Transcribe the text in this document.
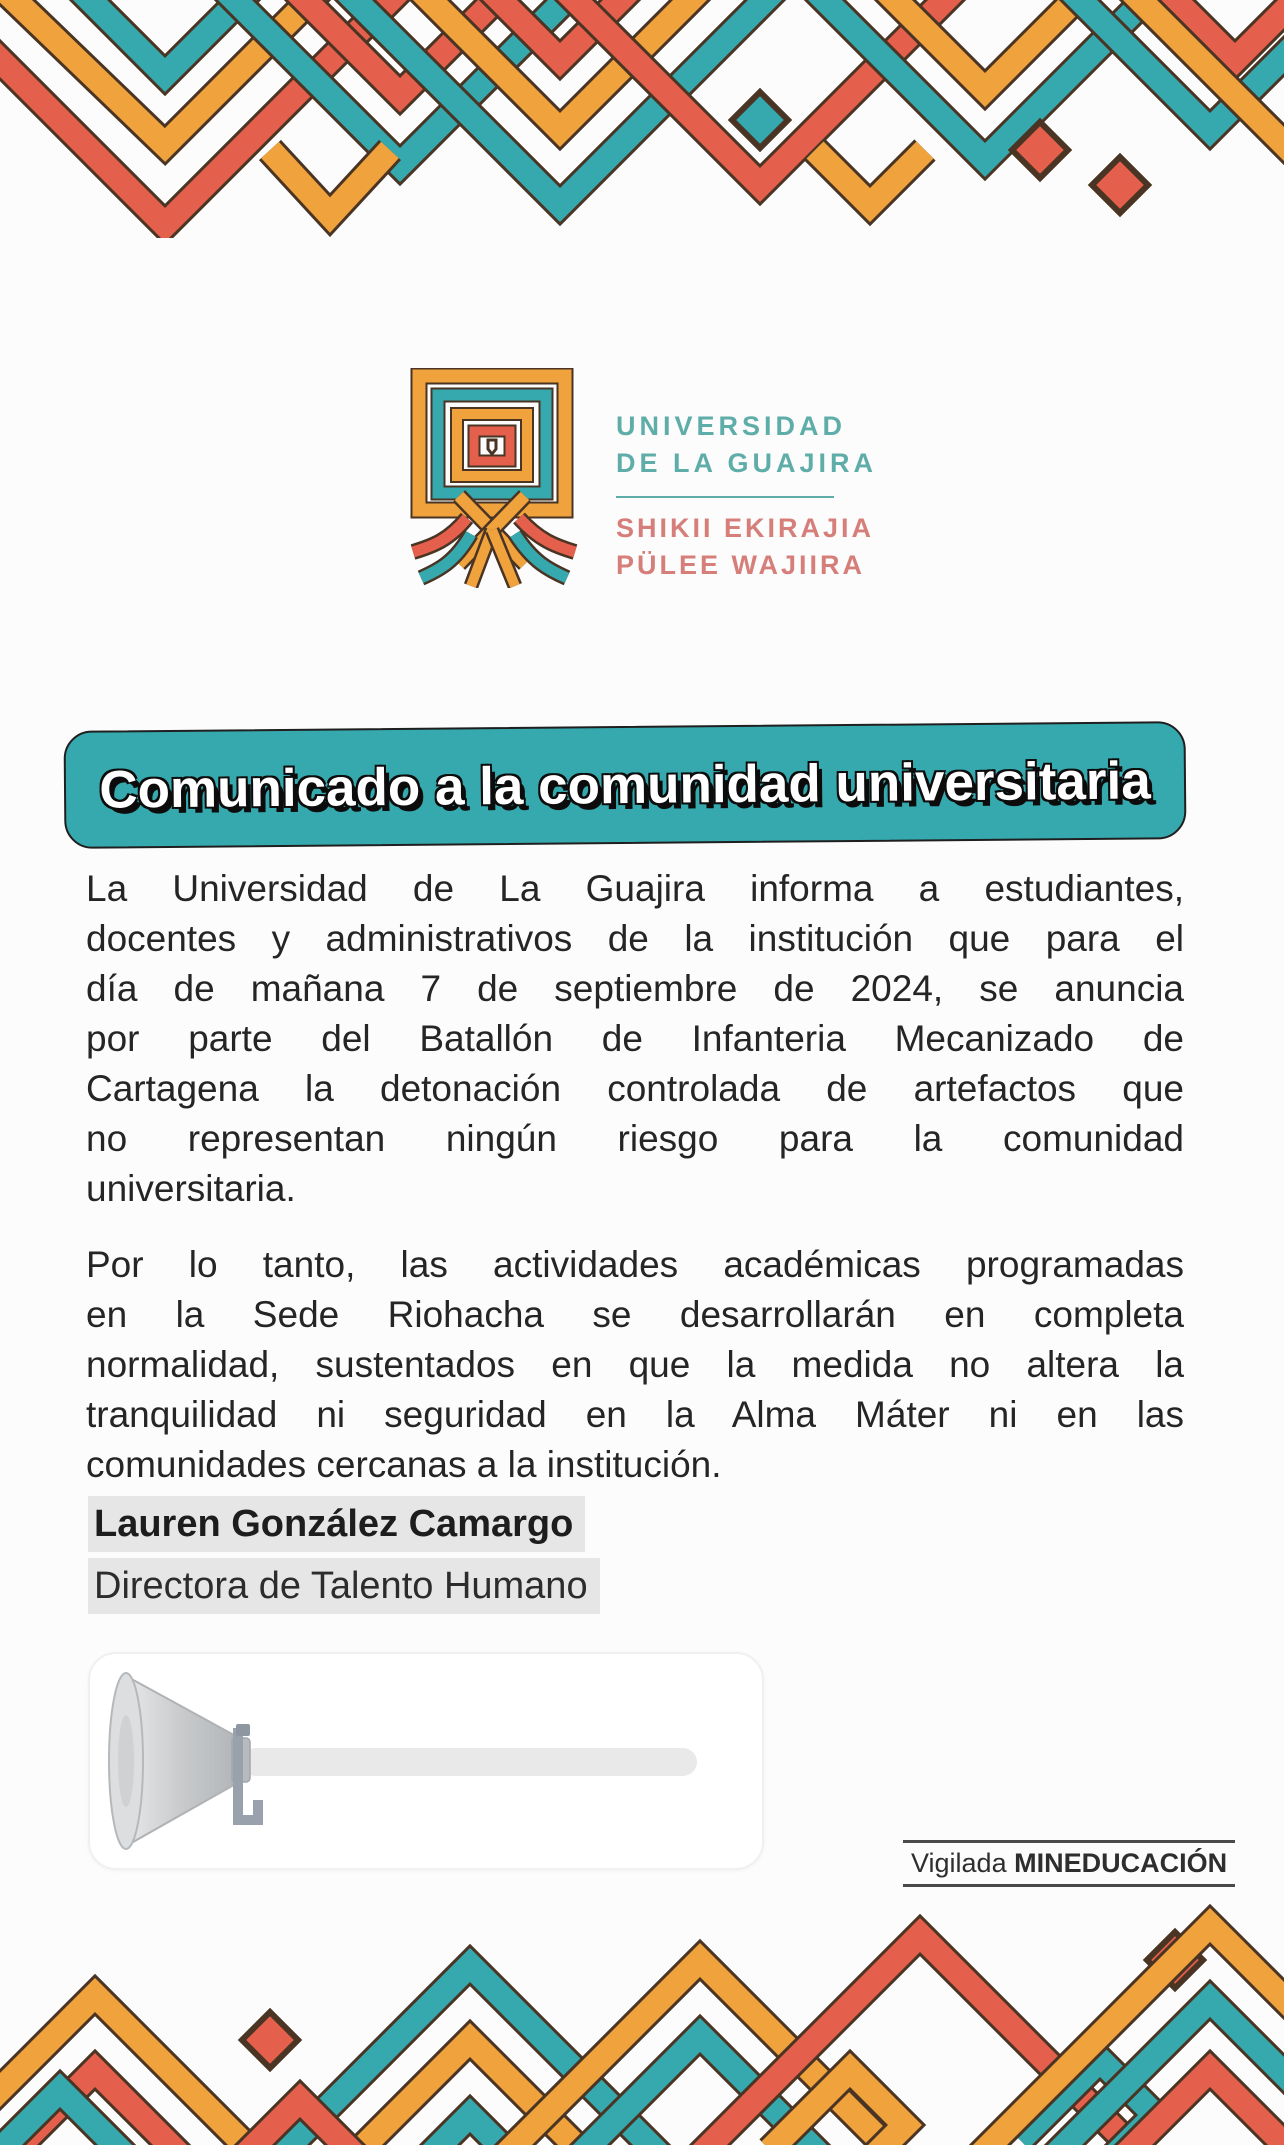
UNIVERSIDAD
DE LA GUAJIRA
SHIKII EKIRAJIA
PÜLEE WAJIIRA
Comunicado a la comunidad universitaria
La Universidad de La Guajira informa a estudiantes,
docentes y administrativos de la institución que para el
día de mañana 7 de septiembre de 2024, se anuncia
por parte del Batallón de Infanteria Mecanizado de
Cartagena la detonación controlada de artefactos que
no representan ningún riesgo para la comunidad
universitaria.
Por lo tanto, las actividades académicas programadas
en la Sede Riohacha se desarrollarán en completa
normalidad, sustentados en que la medida no altera la
tranquilidad ni seguridad en la Alma Máter ni en las
comunidades cercanas a la institución.
Lauren González Camargo
Directora de Talento Humano
Vigilada MINEDUCACIÓN
